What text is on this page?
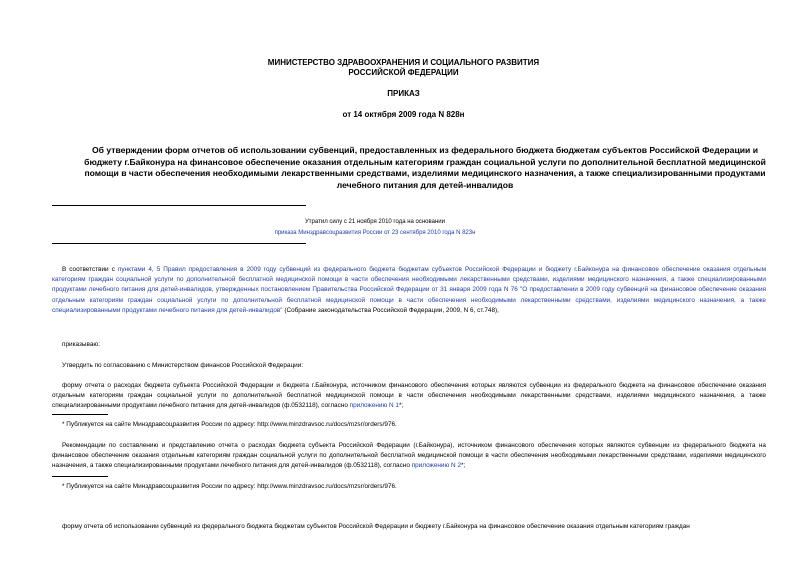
МИНИСТЕРСТВО ЗДРАВООХРАНЕНИЯ И СОЦИАЛЬНОГО РАЗВИТИЯ
РОССИЙСКОЙ ФЕДЕРАЦИИ
ПРИКАЗ
от 14 октября 2009 года N 828н
Об утверждении форм отчетов об использовании субвенций, предоставленных из федерального бюджета бюджетам субъектов Российской Федерации и бюджету г.Байконура на финансовое обеспечение оказания отдельным категориям граждан социальной услуги по дополнительной бесплатной медицинской помощи в части обеспечения необходимыми лекарственными средствами, изделиями медицинского назначения, а также специализированными продуктами лечебного питания для детей-инвалидов
Утратил силу с 21 ноября 2010 года на основании
приказа Минздравсоцразвития России от 23 сентября 2010 года N 823н
В соответствии с пунктами 4, 5 Правил предоставления в 2009 году субвенций из федерального бюджета бюджетам субъектов Российской Федерации и бюджету г.Байконура на финансовое обеспечение оказания отдельным категориям граждан социальной услуги по дополнительной бесплатной медицинской помощи в части обеспечения необходимыми лекарственными средствами, изделиями медицинского назначения, а также специализированными продуктами лечебного питания для детей-инвалидов, утвержденных постановлением Правительства Российской Федерации от 31 января 2009 года N 76 "О предоставлении в 2009 году субвенций на финансовое обеспечение оказания отдельным категориям граждан социальной услуги по дополнительной бесплатной медицинской помощи в части обеспечения необходимыми лекарственными средствами, изделиями медицинского назначения, а также специализированными продуктами лечебного питания для детей-инвалидов" (Собрание законодательства Российской Федерации, 2009, N 6, ст.748),
приказываю:
Утвердить по согласованию с Министерством финансов Российской Федерации:
форму отчета о расходах бюджета субъекта Российской Федерации и бюджета г.Байконура, источником финансового обеспечения которых являются субвенции из федерального бюджета на финансовое обеспечение оказания отдельным категориям граждан социальной услуги по дополнительной бесплатной медицинской помощи в части обеспечения необходимыми лекарственными средствами, изделиями медицинского назначения, а также специализированными продуктами лечебного питания для детей-инвалидов (ф.0532118), согласно приложению N 1*;
* Публикуется на сайте Минздравсоцразвития России по адресу: http://www.minzdravsoc.ru/docs/mzsr/orders/976.
Рекомендации по составлению и представлению отчета о расходах бюджета субъекта Российской Федерации (г.Байконура), источником финансового обеспечения которых являются субвенции из федерального бюджета на финансовое обеспечение оказания отдельным категориям граждан социальной услуги по дополнительной бесплатной медицинской помощи в части обеспечения необходимыми лекарственными средствами, изделиями медицинского назначения, а также специализированными продуктами лечебного питания для детей-инвалидов (ф.0532118), согласно приложению N 2*;
* Публикуется на сайте Минздравсоцразвития России по адресу: http://www.minzdravsoc.ru/docs/mzsr/orders/976.
форму отчета об использовании субвенций из федерального бюджета бюджетам субъектов Российской Федерации и бюджету г.Байконура на финансовое обеспечение оказания отдельным категориям граждан
